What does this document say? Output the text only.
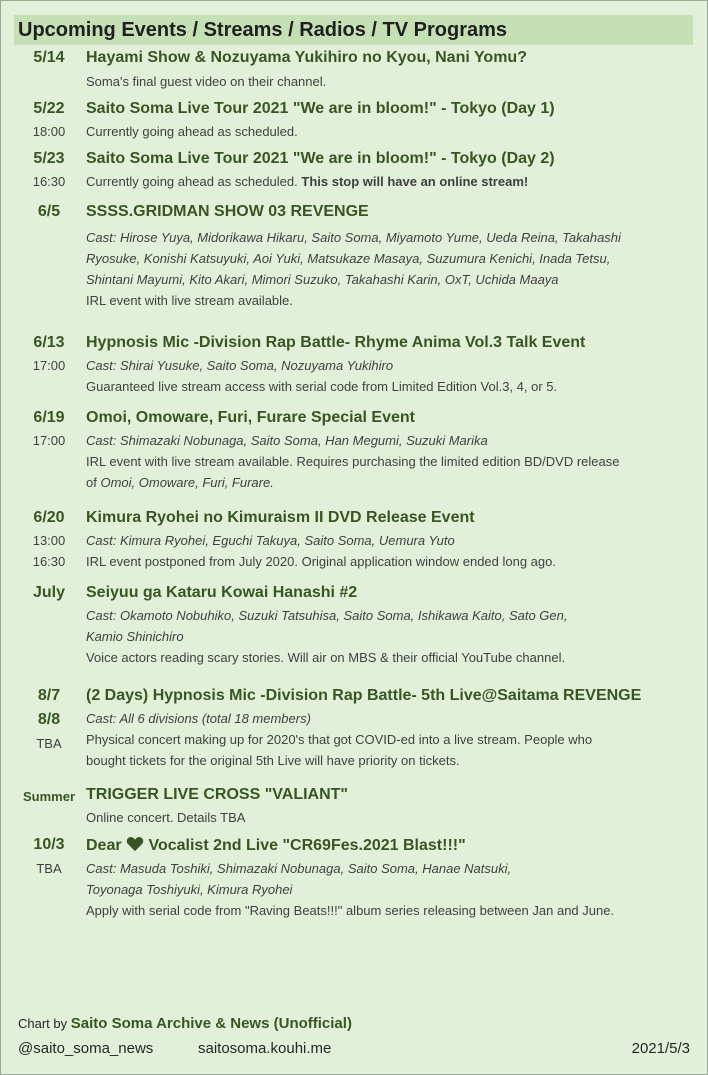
Upcoming Events / Streams / Radios / TV Programs
5/14	Hayami Show & Nozuyama Yukihiro no Kyou, Nani Yomu?
Soma's final guest video on their channel.
5/22	Saito Soma Live Tour 2021 "We are in bloom!" - Tokyo (Day 1)
18:00	Currently going ahead as scheduled.
5/23	Saito Soma Live Tour 2021 "We are in bloom!" - Tokyo (Day 2)
16:30	Currently going ahead as scheduled. This stop will have an online stream!
6/5	SSSS.GRIDMAN SHOW 03 REVENGE
Cast: Hirose Yuya, Midorikawa Hikaru, Saito Soma, Miyamoto Yume, Ueda Reina, Takahashi
Ryosuke, Konishi Katsuyuki, Aoi Yuki, Matsukaze Masaya, Suzumura Kenichi, Inada Tetsu,
Shintani Mayumi, Kito Akari, Mimori Suzuko, Takahashi Karin, OxT, Uchida Maaya
IRL event with live stream available.
6/13	Hypnosis Mic -Division Rap Battle- Rhyme Anima Vol.3 Talk Event
17:00	Cast: Shirai Yusuke, Saito Soma, Nozuyama Yukihiro
Guaranteed live stream access with serial code from Limited Edition Vol.3, 4, or 5.
6/19	Omoi, Omoware, Furi, Furare Special Event
17:00	Cast: Shimazaki Nobunaga, Saito Soma, Han Megumi, Suzuki Marika
IRL event with live stream available. Requires purchasing the limited edition BD/DVD release
of Omoi, Omoware, Furi, Furare.
6/20	Kimura Ryohei no Kimuraism II DVD Release Event
13:00	Cast: Kimura Ryohei, Eguchi Takuya, Saito Soma, Uemura Yuto
16:30	IRL event postponed from July 2020. Original application window ended long ago.
July	Seiyuu ga Kataru Kowai Hanashi #2
Cast: Okamoto Nobuhiko, Suzuki Tatsuhisa, Saito Soma, Ishikawa Kaito, Sato Gen,
Kamio Shinichiro
Voice actors reading scary stories. Will air on MBS & their official YouTube channel.
8/7	(2 Days) Hypnosis Mic -Division Rap Battle- 5th Live@Saitama REVENGE
8/8	Cast: All 6 divisions (total 18 members)
TBA	Physical concert making up for 2020's that got COVID-ed into a live stream. People who
bought tickets for the original 5th Live will have priority on tickets.
Summer TRIGGER LIVE CROSS "VALIANT"
Online concert. Details TBA
10/3	Dear Vocalist 2nd Live "CR69Fes.2021 Blast!!!"
TBA	Cast: Masuda Toshiki, Shimazaki Nobunaga, Saito Soma, Hanae Natsuki,
Toyonaga Toshiyuki, Kimura Ryohei
Apply with serial code from "Raving Beats!!!" album series releasing between Jan and June.
Chart by Saito Soma Archive & News (Unofficial)
@saito_soma_news	saitosoma.kouhi.me	2021/5/3
